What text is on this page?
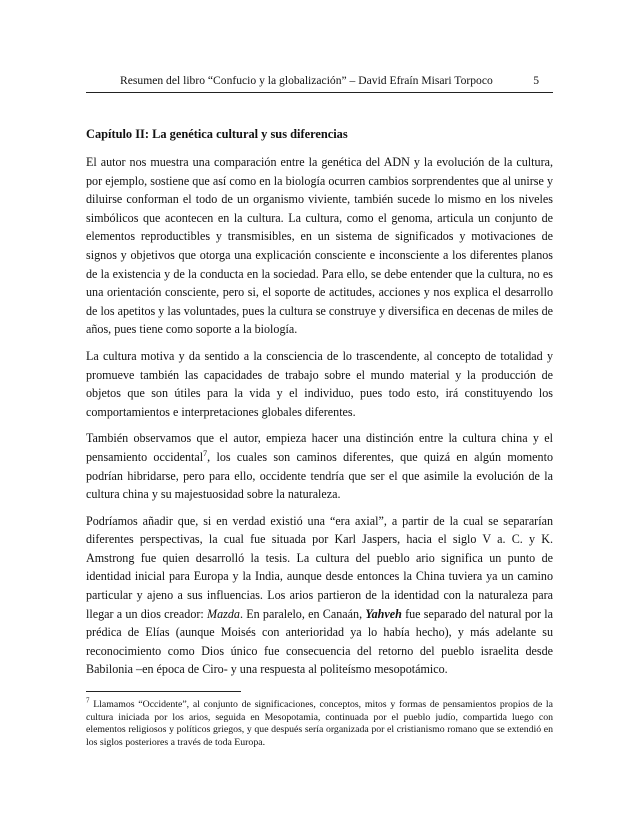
Resumen del libro “Confucio y la globalización” – David Efraín Misari Torpoco	5
Capítulo II: La genética cultural y sus diferencias

El autor nos muestra una comparación entre la genética del ADN y la evolución de la cultura, por ejemplo, sostiene que así como en la biología ocurren cambios sorprendentes que al unirse y diluirse conforman el todo de un organismo viviente, también sucede lo mismo en los niveles simbólicos que acontecen en la cultura. La cultura, como el genoma, articula un conjunto de elementos reproductibles y transmisibles, en un sistema de significados y motivaciones de signos y objetivos que otorga una explicación consciente e inconsciente a los diferentes planos de la existencia y de la conducta en la sociedad. Para ello, se debe entender que la cultura, no es una orientación consciente, pero si, el soporte de actitudes, acciones y nos explica el desarrollo de los apetitos y las voluntades, pues la cultura se construye y diversifica en decenas de miles de años, pues tiene como soporte a la biología.

La cultura motiva y da sentido a la consciencia de lo trascendente, al concepto de totalidad y promueve también las capacidades de trabajo sobre el mundo material y la producción de objetos que son útiles para la vida y el individuo, pues todo esto, irá constituyendo los comportamientos e interpretaciones globales diferentes.

También observamos que el autor, empieza hacer una distinción entre la cultura china y el pensamiento occidental$^7$, los cuales son caminos diferentes, que quizá en algún momento podrían hibridarse, pero para ello, occidente tendría que ser el que asimile la evolución de la cultura china y su majestuosidad sobre la naturaleza.

Podríamos añadir que, si en verdad existió una “era axial”, a partir de la cual se separarían diferentes perspectivas, la cual fue situada por Karl Jaspers, hacia el siglo V a. C. y K. Amstrong fue quien desarrolló la tesis. La cultura del pueblo ario significa un punto de identidad inicial para Europa y la India, aunque desde entonces la China tuviera ya un camino particular y ajeno a sus influencias. Los arios partieron de la identidad con la naturaleza para llegar a un dios creador: Mazda. En paralelo, en Canaán, Yahveh fue separado del natural por la prédica de Elías (aunque Moisés con anterioridad ya lo había hecho), y más adelante su reconocimiento como Dios único fue consecuencia del retorno del pueblo israelita desde Babilonia –en época de Ciro- y una respuesta al politeísmo mesopotámico.

$^7$ Llamamos “Occidente”, al conjunto de significaciones, conceptos, mitos y formas de pensamientos propios de la cultura iniciada por los arios, seguida en Mesopotamia, continuada por el pueblo judío, compartida luego con elementos religiosos y políticos griegos, y que después sería organizada por el cristianismo romano que se extendió en los siglos posteriores a través de toda Europa.
